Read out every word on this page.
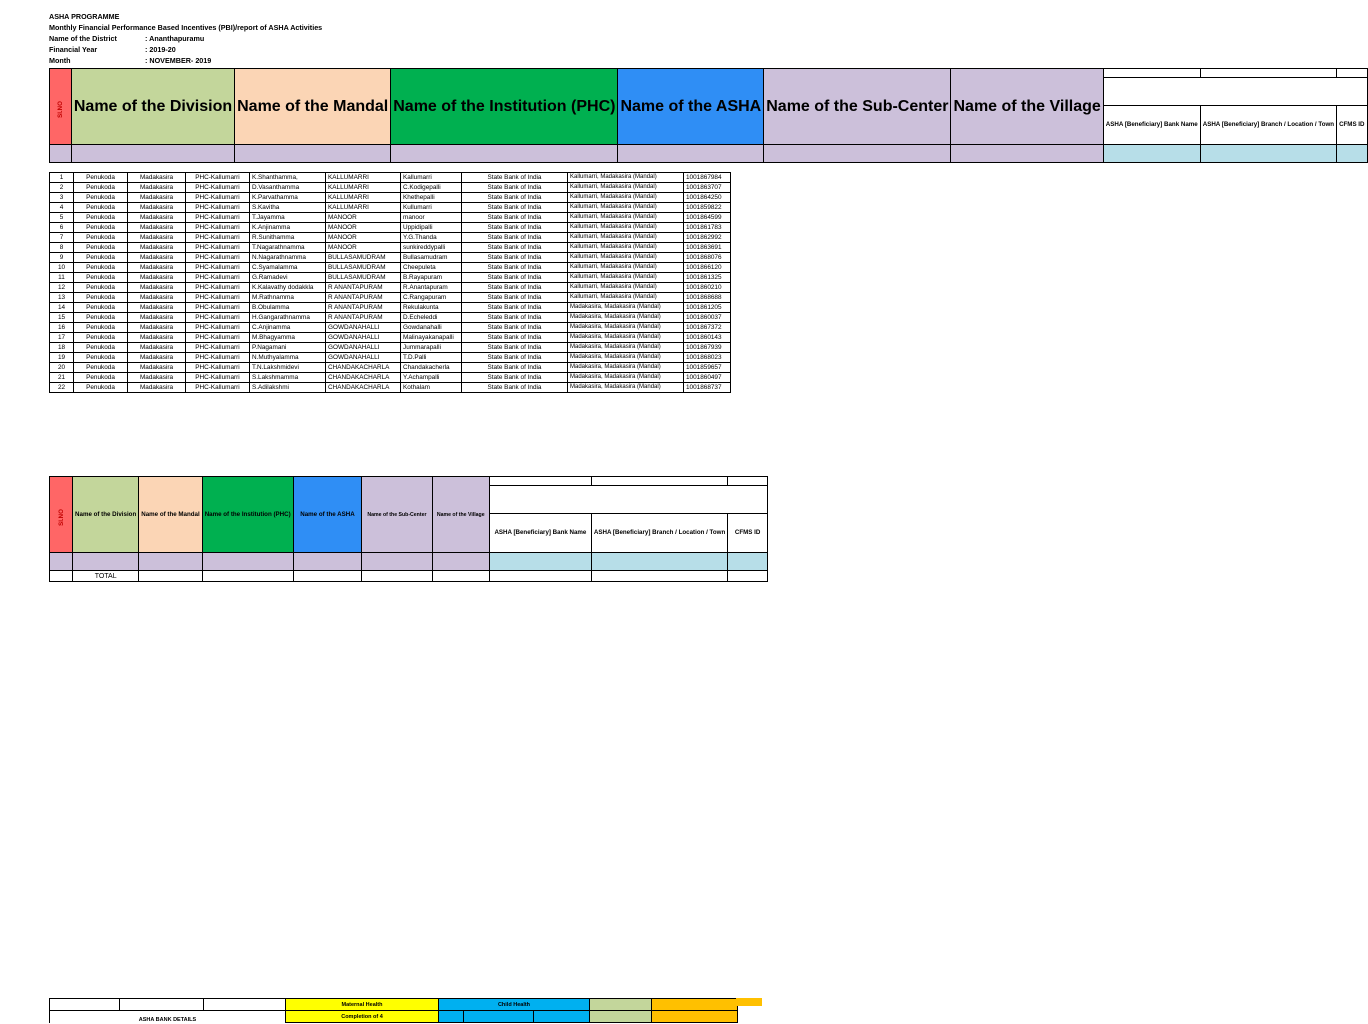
ASHA PROGRAMME
Monthly Financial Performance Based Incentives (PBI)/report of ASHA Activities
Name of the District	: Ananthapuramu
Financial Year	: 2019-20
Month	: NOVEMBER- 2019
Sl.NO	Name of the Division	Name of the Mandal	Name of the Institution (PHC)	Name of the ASHA	Name of the Sub-Center	Name of the Village			

							ASHA [Beneficiary] Bank Name	ASHA [Beneficiary] Branch / Location / Town	CFMS ID

1	Penukoda	Madakasira	PHC-Kallumarri	K.Shanthamma,	KALLUMARRI	Kallumarri	State Bank of India	Kallumarri, Madakasira (Mandal)	1001867984
2	Penukoda	Madakasira	PHC-Kallumarri	D.Vasanthamma	KALLUMARRI	C.Kodigepalli	State Bank of India	Kallumarri, Madakasira (Mandal)	1001863707
3	Penukoda	Madakasira	PHC-Kallumarri	K.Parvathamma	KALLUMARRI	Khethepalli	State Bank of India	Kallumarri, Madakasira (Mandal)	1001864250
4	Penukoda	Madakasira	PHC-Kallumarri	S.Kavitha	KALLUMARRI	Kullumarri	State Bank of India	Kallumarri, Madakasira (Mandal)	1001859822
5	Penukoda	Madakasira	PHC-Kallumarri	T.Jayamma	MANOOR	manoor	State Bank of India	Kallumarri, Madakasira (Mandal)	1001864599
6	Penukoda	Madakasira	PHC-Kallumarri	K.Anjinamma	MANOOR	Uppidipalli	State Bank of India	Kallumarri, Madakasira (Mandal)	1001861783
7	Penukoda	Madakasira	PHC-Kallumarri	R.Sunithamma	MANOOR	Y.G.Thanda	State Bank of India	Kallumarri, Madakasira (Mandal)	1001862992
8	Penukoda	Madakasira	PHC-Kallumarri	T.Nagarathnamma	MANOOR	sunkireddypalli	State Bank of India	Kallumarri, Madakasira (Mandal)	1001863691
9	Penukoda	Madakasira	PHC-Kallumarri	N.Nagarathnamma	BULLASAMUDRAM	Bullasamudram	State Bank of India	Kallumarri, Madakasira (Mandal)	1001868076
10	Penukoda	Madakasira	PHC-Kallumarri	C.Syamalamma	BULLASAMUDRAM	Cheepuleta	State Bank of India	Kallumarri, Madakasira (Mandal)	1001866120
11	Penukoda	Madakasira	PHC-Kallumarri	G.Ramadevi	BULLASAMUDRAM	B.Rayapuram	State Bank of India	Kallumarri, Madakasira (Mandal)	1001861325
12	Penukoda	Madakasira	PHC-Kallumarri	K.Kalavathy dodakkla	R ANANTAPURAM	R.Anantapuram	State Bank of India	Kallumarri, Madakasira (Mandal)	1001860210
13	Penukoda	Madakasira	PHC-Kallumarri	M.Rathnamma	R ANANTAPURAM	C.Rangapuram	State Bank of India	Kallumarri, Madakasira (Mandal)	1001868688
14	Penukoda	Madakasira	PHC-Kallumarri	B.Obulamma	R ANANTAPURAM	Rekulakunta	State Bank of India	Madakasira, Madakasira (Mandal)	1001861205
15	Penukoda	Madakasira	PHC-Kallumarri	H.Gangarathnamma	R ANANTAPURAM	D.Echeleddi	State Bank of India	Madakasira, Madakasira (Mandal)	1001860037
16	Penukoda	Madakasira	PHC-Kallumarri	C.Anjinamma	GOWDANAHALLI	Gowdanahalli	State Bank of India	Madakasira, Madakasira (Mandal)	1001867372
17	Penukoda	Madakasira	PHC-Kallumarri	M.Bhagyamma	GOWDANAHALLI	Malinayakanapalli	State Bank of India	Madakasira, Madakasira (Mandal)	1001860143
18	Penukoda	Madakasira	PHC-Kallumarri	P.Nagamani	GOWDANAHALLI	Jummarapalli	State Bank of India	Madakasira, Madakasira (Mandal)	1001867939
19	Penukoda	Madakasira	PHC-Kallumarri	N.Muthyalamma	GOWDANAHALLI	T.D.Palli	State Bank of India	Madakasira, Madakasira (Mandal)	1001868023
20	Penukoda	Madakasira	PHC-Kallumarri	T.N.Lakshmidevi	CHANDAKACHARLA	Chandakacherla	State Bank of India	Madakasira, Madakasira (Mandal)	1001859657
21	Penukoda	Madakasira	PHC-Kallumarri	S.Lakshmamma	CHANDAKACHARLA	Y.Achampalli	State Bank of India	Madakasira, Madakasira (Mandal)	1001860497
22	Penukoda	Madakasira	PHC-Kallumarri	S.Adilakshmi	CHANDAKACHARLA	Kothalam	State Bank of India	Madakasira, Madakasira (Mandal)	1001868737
Sl.NO	Name of the Division	Name of the Mandal	Name of the Institution (PHC)	Name of the ASHA	Name of the Sub-Center	Name of the Village			

							ASHA [Beneficiary] Bank Name	ASHA [Beneficiary] Branch / Location / Town	CFMS ID

	TOTAL								
			Maternal Health	Child Health				
ASHA BANK DETAILS			Completion of 4					
